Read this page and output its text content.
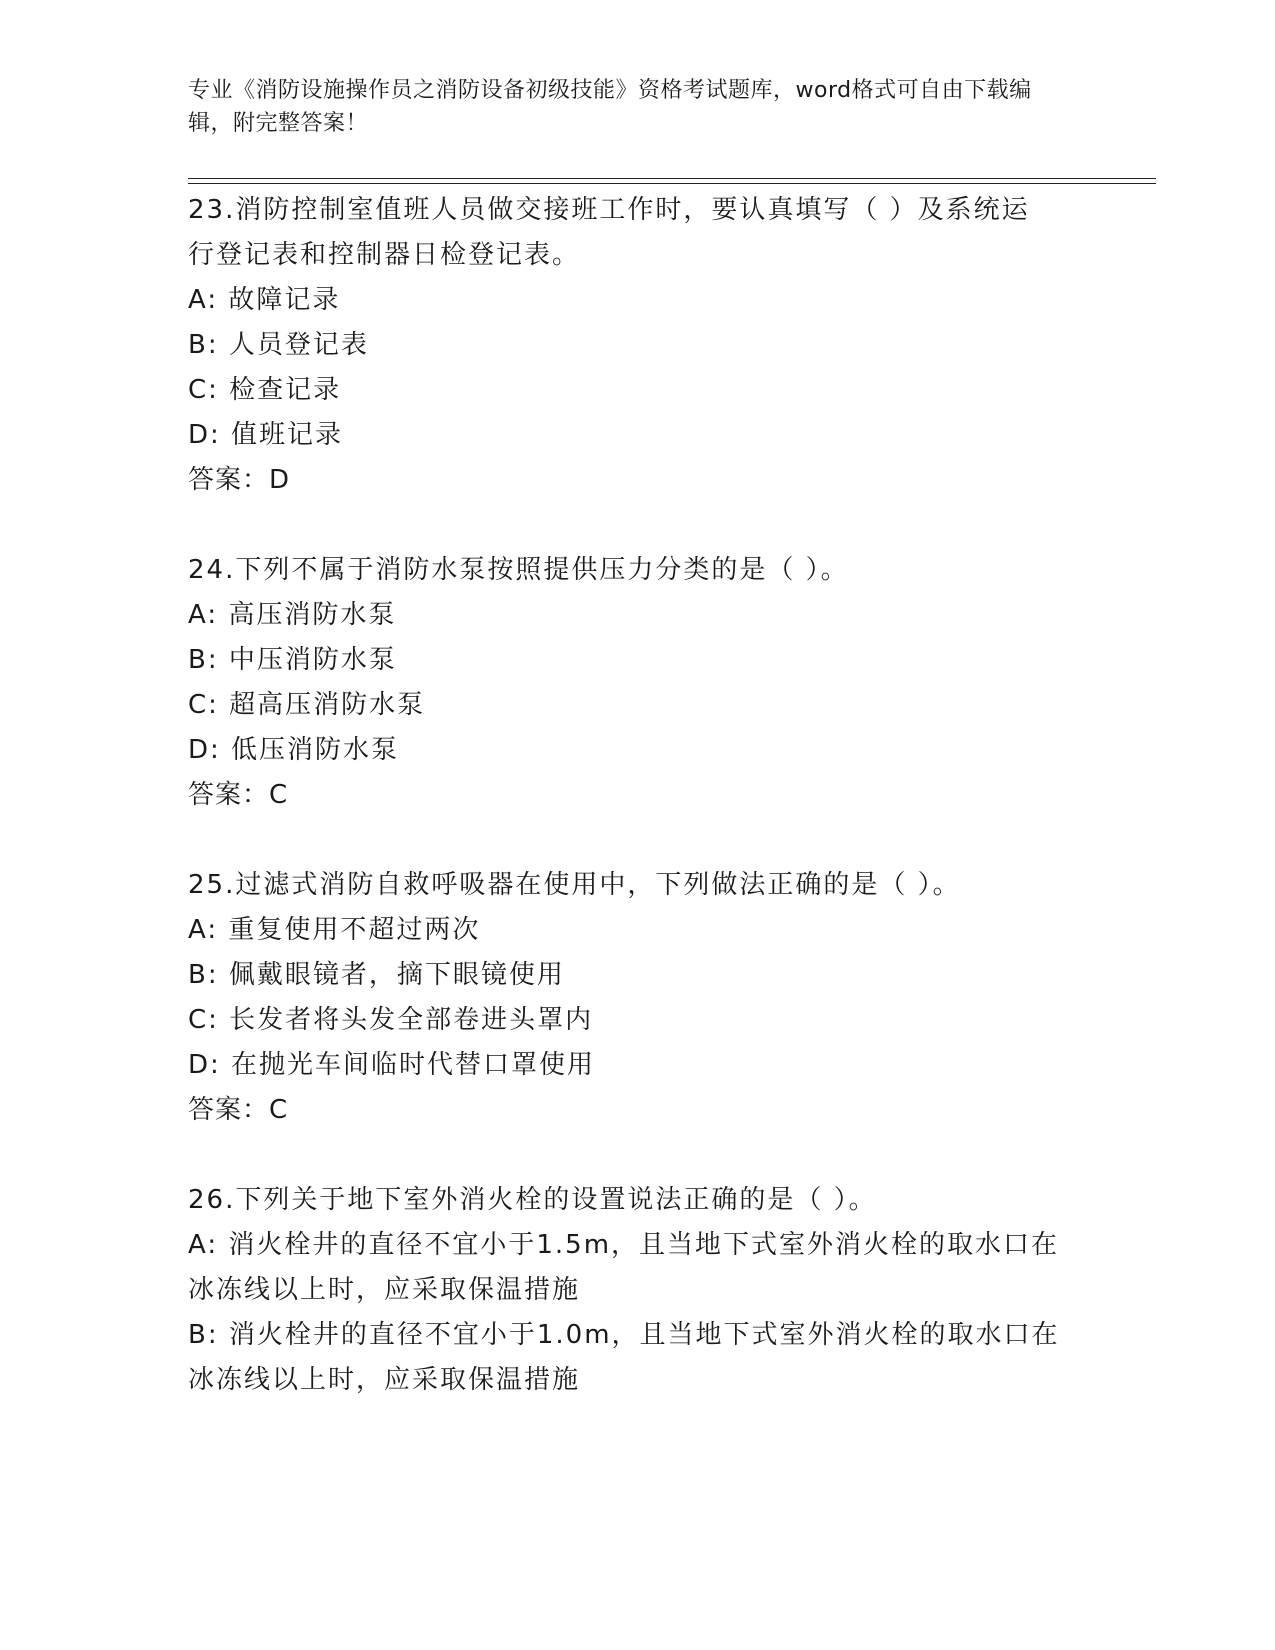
专业《消防设施操作员之消防设备初级技能》资格考试题库，word格式可自由下载编辑，附完整答案！
23.消防控制室值班人员做交接班工作时，要认真填写（ ）及系统运
行登记表和控制器日检登记表。
A: 故障记录
B: 人员登记表
C: 检查记录
D: 值班记录
答案：D
24.下列不属于消防水泵按照提供压力分类的是（ ）。
A: 高压消防水泵
B: 中压消防水泵
C: 超高压消防水泵
D: 低压消防水泵
答案：C
25.过滤式消防自救呼吸器在使用中，下列做法正确的是（ ）。
A: 重复使用不超过两次
B: 佩戴眼镜者，摘下眼镜使用
C: 长发者将头发全部卷进头罩内
D: 在抛光车间临时代替口罩使用
答案：C
26.下列关于地下室外消火栓的设置说法正确的是（ ）。
A: 消火栓井的直径不宜小于1.5m，且当地下式室外消火栓的取水口在
冰冻线以上时，应采取保温措施
B: 消火栓井的直径不宜小于1.0m，且当地下式室外消火栓的取水口在
冰冻线以上时，应采取保温措施
